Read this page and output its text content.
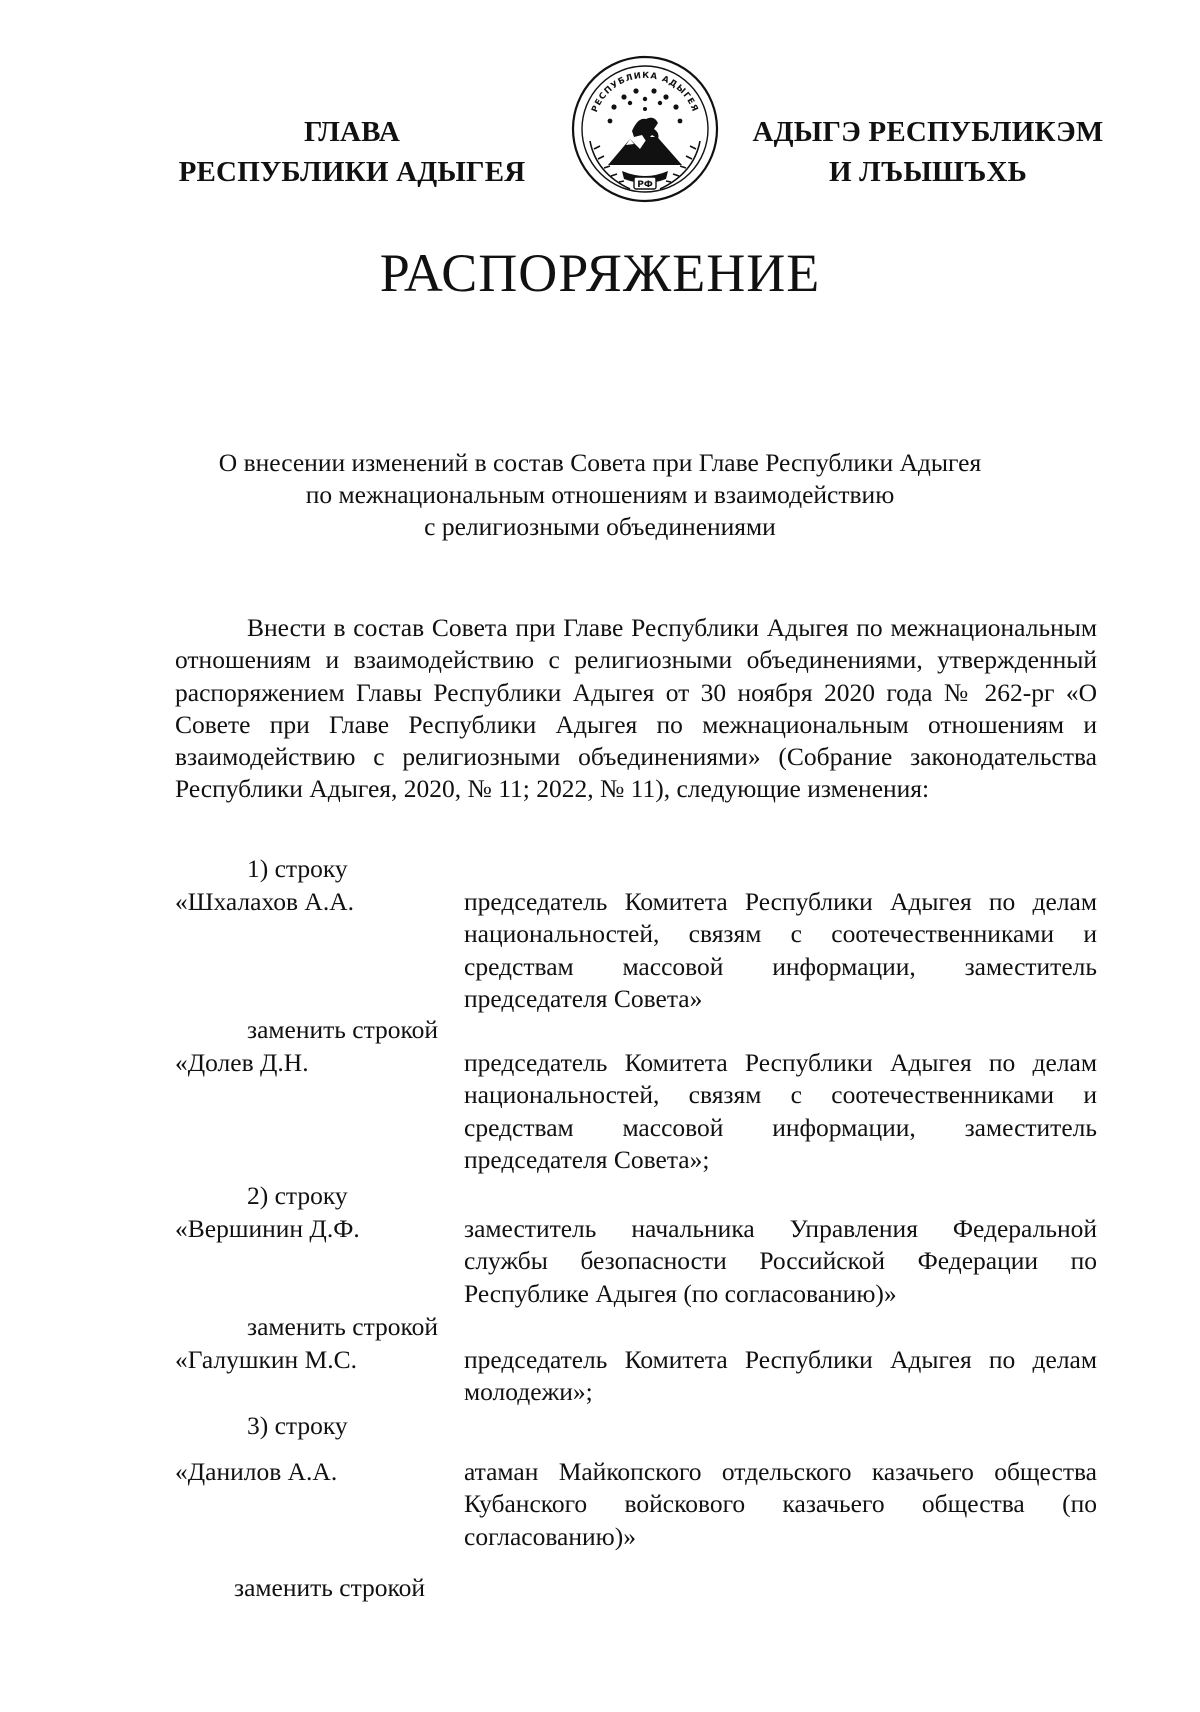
ГЛАВА
РЕСПУБЛИКИ АДЫГЕЯ
РЕСПУБЛИКА АДЫГЕЯ
РФ
АДЫГЭ РЕСПУБЛИКЭМ
И ЛЪЫШЪХЬ
РАСПОРЯЖЕНИЕ
О внесении изменений в состав Совета при Главе Республики Адыгея
по межнациональным отношениям и взаимодействию
с религиозными объединениями

Внести в состав Совета при Главе Республики Адыгея по межнациональным отношениям и взаимодействию с религиозными объединениями, утвержденный распоряжением Главы Республики Адыгея от 30 ноября 2020 года № 262-рг «О Совете при Главе Республики Адыгея по межнациональным отношениям и взаимодействию с религиозными объединениями» (Собрание законодательства Республики Адыгея, 2020, № 11; 2022, № 11), следующие изменения:

1) строку
«Шхалахов А.А.	председатель Комитета Республики Адыгея по делам национальностей, связям с соотечественниками и средствам массовой информации, заместитель председателя Совета»
заменить строкой
«Долев Д.Н.	председатель Комитета Республики Адыгея по делам национальностей, связям с соотечественниками и средствам массовой информации, заместитель председателя Совета»;
2) строку
«Вершинин Д.Ф.	заместитель начальника Управления Федеральной службы безопасности Российской Федерации по Республике Адыгея (по согласованию)»
заменить строкой
«Галушкин М.С.	председатель Комитета Республики Адыгея по делам молодежи»;
3) строку
«Данилов А.А.	атаман Майкопского отдельского казачьего общества Кубанского войскового казачьего общества (по согласованию)»
заменить строкой
